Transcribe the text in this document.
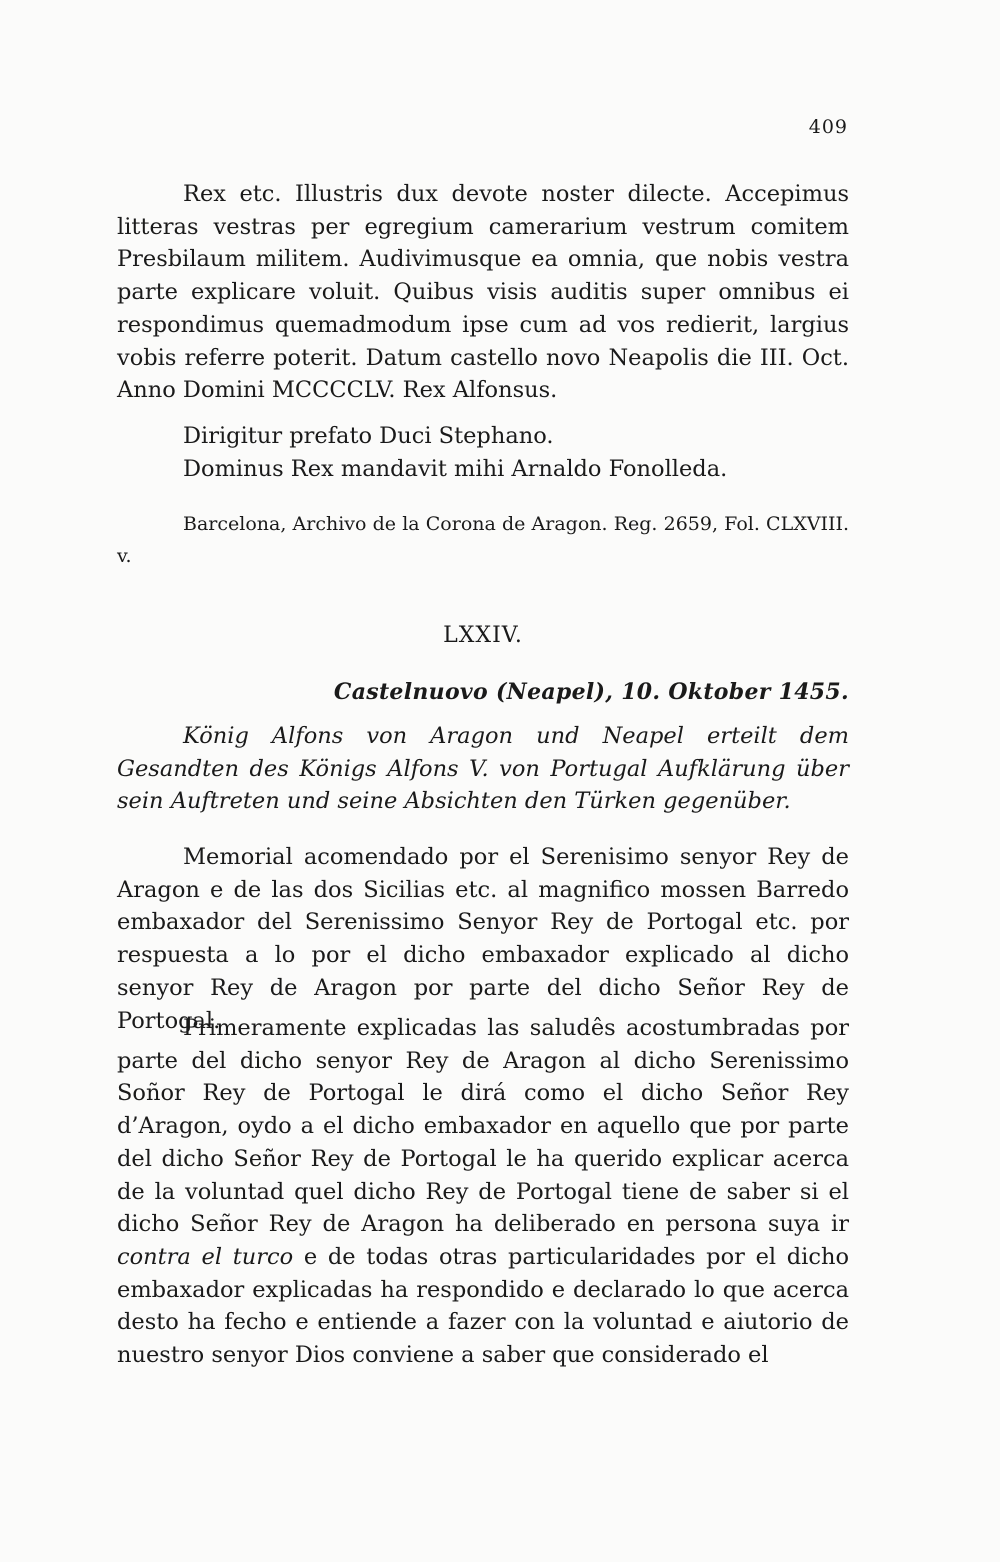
409

Rex etc. Illustris dux devote noster dilecte. Accepimus litteras vestras per egregium camerarium vestrum comitem Presbilaum militem. Audivimusque ea omnia, que nobis vestra parte explicare voluit. Quibus visis auditis super omnibus ei respondimus quemadmodum ipse cum ad vos redierit, largius vobis referre poterit. Datum castello novo Neapolis die III. Oct. Anno Domini MCCCCLV. Rex Alfonsus.

Dirigitur prefato Duci Stephano.

Dominus Rex mandavit mihi Arnaldo Fonolleda.

Barcelona, Archivo de la Corona de Aragon. Reg. 2659, Fol. CLXVIII. v.

LXXIV.

Castelnuovo (Neapel), 10. Oktober 1455.

König Alfons von Aragon und Neapel erteilt dem Gesandten des Königs Alfons V. von Portugal Aufklärung über sein Auftreten und seine Absichten den Türken gegenüber.

Memorial acomendado por el Serenisimo senyor Rey de Aragon e de las dos Sicilias etc. al magnifico mossen Barredo embaxador del Serenissimo Senyor Rey de Portogal etc. por respuesta a lo por el dicho embaxador explicado al dicho senyor Rey de Aragon por parte del dicho Señor Rey de Portogal.

Primeramente explicadas las saludês acostumbradas por parte del dicho senyor Rey de Aragon al dicho Serenissimo Soñor Rey de Portogal le dirá como el dicho Señor Rey d’Aragon, oydo a el dicho embaxador en aquello que por parte del dicho Señor Rey de Portogal le ha querido explicar acerca de la voluntad quel dicho Rey de Portogal tiene de saber si el dicho Señor Rey de Aragon ha deliberado en persona suya ir contra el turco e de todas otras particularidades por el dicho embaxador explicadas ha respondido e declarado lo que acerca desto ha fecho e entiende a fazer con la voluntad e aiutorio de nuestro senyor Dios conviene a saber que considerado el
